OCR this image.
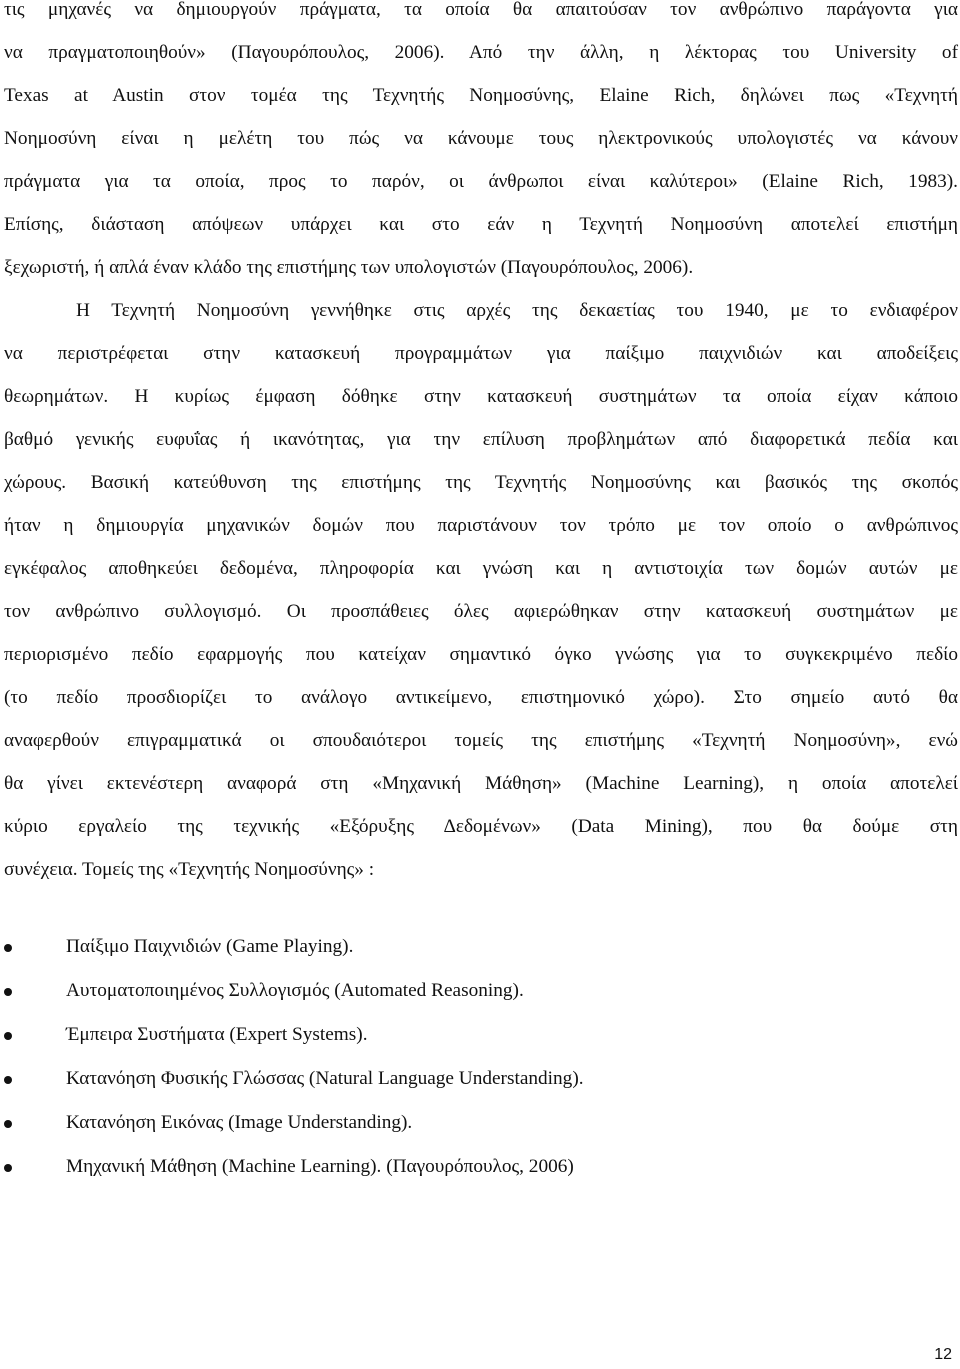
τις μηχανές να δημιουργούν πράγματα, τα οποία θα απαιτούσαν τον ανθρώπινο παράγοντα για
να πραγματοποιηθούν» (Παγουρόπουλος, 2006). Από την άλλη, η λέκτορας του University of
Texas at Austin στον τομέα της Τεχνητής Νοημοσύνης, Elaine Rich, δηλώνει πως «Τεχνητή
Νοημοσύνη είναι η μελέτη του πώς να κάνουμε τους ηλεκτρονικούς υπολογιστές να κάνουν
πράγματα για τα οποία, προς το παρόν, οι άνθρωποι είναι καλύτεροι» (Elaine Rich, 1983).
Επίσης, διάσταση απόψεων υπάρχει και στο εάν η Τεχνητή Νοημοσύνη αποτελεί επιστήμη
ξεχωριστή, ή απλά έναν κλάδο της επιστήμης των υπολογιστών (Παγουρόπουλος, 2006).
Η Τεχνητή Νοημοσύνη γεννήθηκε στις αρχές της δεκαετίας του 1940, με το ενδιαφέρον
να περιστρέφεται στην κατασκευή προγραμμάτων για παίξιμο παιχνιδιών και αποδείξεις
θεωρημάτων. Η κυρίως έμφαση δόθηκε στην κατασκευή συστημάτων τα οποία είχαν κάποιο
βαθμό γενικής ευφυΐας ή ικανότητας, για την επίλυση προβλημάτων από διαφορετικά πεδία και
χώρους. Βασική κατεύθυνση της επιστήμης της Τεχνητής Νοημοσύνης και βασικός της σκοπός
ήταν η δημιουργία μηχανικών δομών που παριστάνουν τον τρόπο με τον οποίο ο ανθρώπινος
εγκέφαλος αποθηκεύει δεδομένα, πληροφορία και γνώση και η αντιστοιχία των δομών αυτών με
τον ανθρώπινο συλλογισμό. Οι προσπάθειες όλες αφιερώθηκαν στην κατασκευή συστημάτων με
περιορισμένο πεδίο εφαρμογής που κατείχαν σημαντικό όγκο γνώσης για το συγκεκριμένο πεδίο
(το πεδίο προσδιορίζει το ανάλογο αντικείμενο, επιστημονικό χώρο). Στο σημείο αυτό θα
αναφερθούν επιγραμματικά οι σπουδαιότεροι τομείς της επιστήμης «Τεχνητή Νοημοσύνη», ενώ
θα γίνει εκτενέστερη αναφορά στη «Μηχανική Μάθηση» (Machine Learning), η οποία αποτελεί
κύριο εργαλείο της τεχνικής «Εξόρυξης Δεδομένων» (Data Mining), που θα δούμε στη
συνέχεια. Τομείς της «Τεχνητής Νοημοσύνης» :
Παίξιμο Παιχνιδιών (Game Playing).
Αυτοματοποιημένος Συλλογισμός (Automated Reasoning).
Έμπειρα Συστήματα (Expert Systems).
Κατανόηση Φυσικής Γλώσσας (Natural Language Understanding).
Κατανόηση Εικόνας (Image Understanding).
Μηχανική Μάθηση (Machine Learning). (Παγουρόπουλος, 2006)
12
